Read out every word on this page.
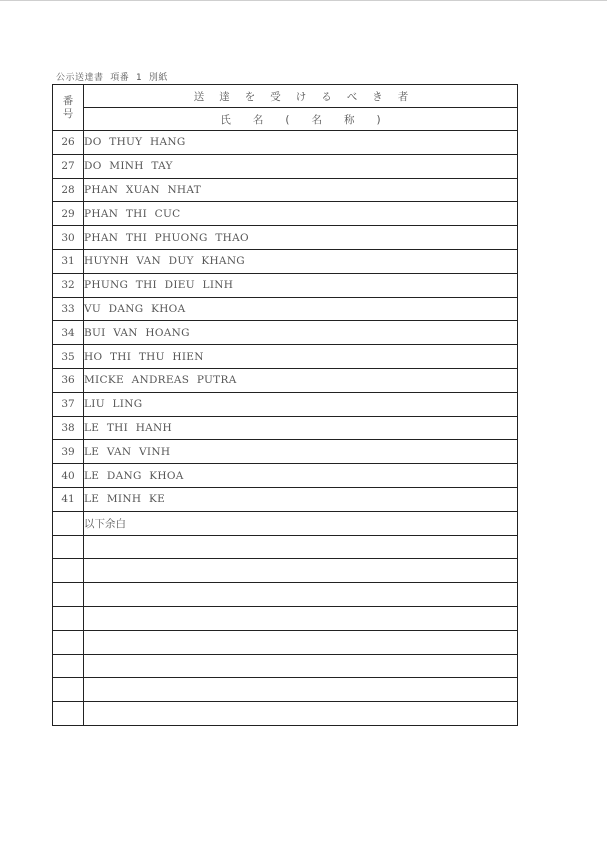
公示送達書  項番  1  別紙
番
号	送達を受けるべき者
	氏名(名称)
26	DO THUY HANG
27	DO MINH TAY
28	PHAN XUAN NHAT
29	PHAN THI CUC
30	PHAN THI PHUONG THAO
31	HUYNH VAN DUY KHANG
32	PHUNG THI DIEU LINH
33	VU DANG KHOA
34	BUI VAN HOANG
35	HO THI THU HIEN
36	MICKE ANDREAS PUTRA
37	LIU LING
38	LE THI HANH
39	LE VAN VINH
40	LE DANG KHOA
41	LE MINH KE
	以下余白
